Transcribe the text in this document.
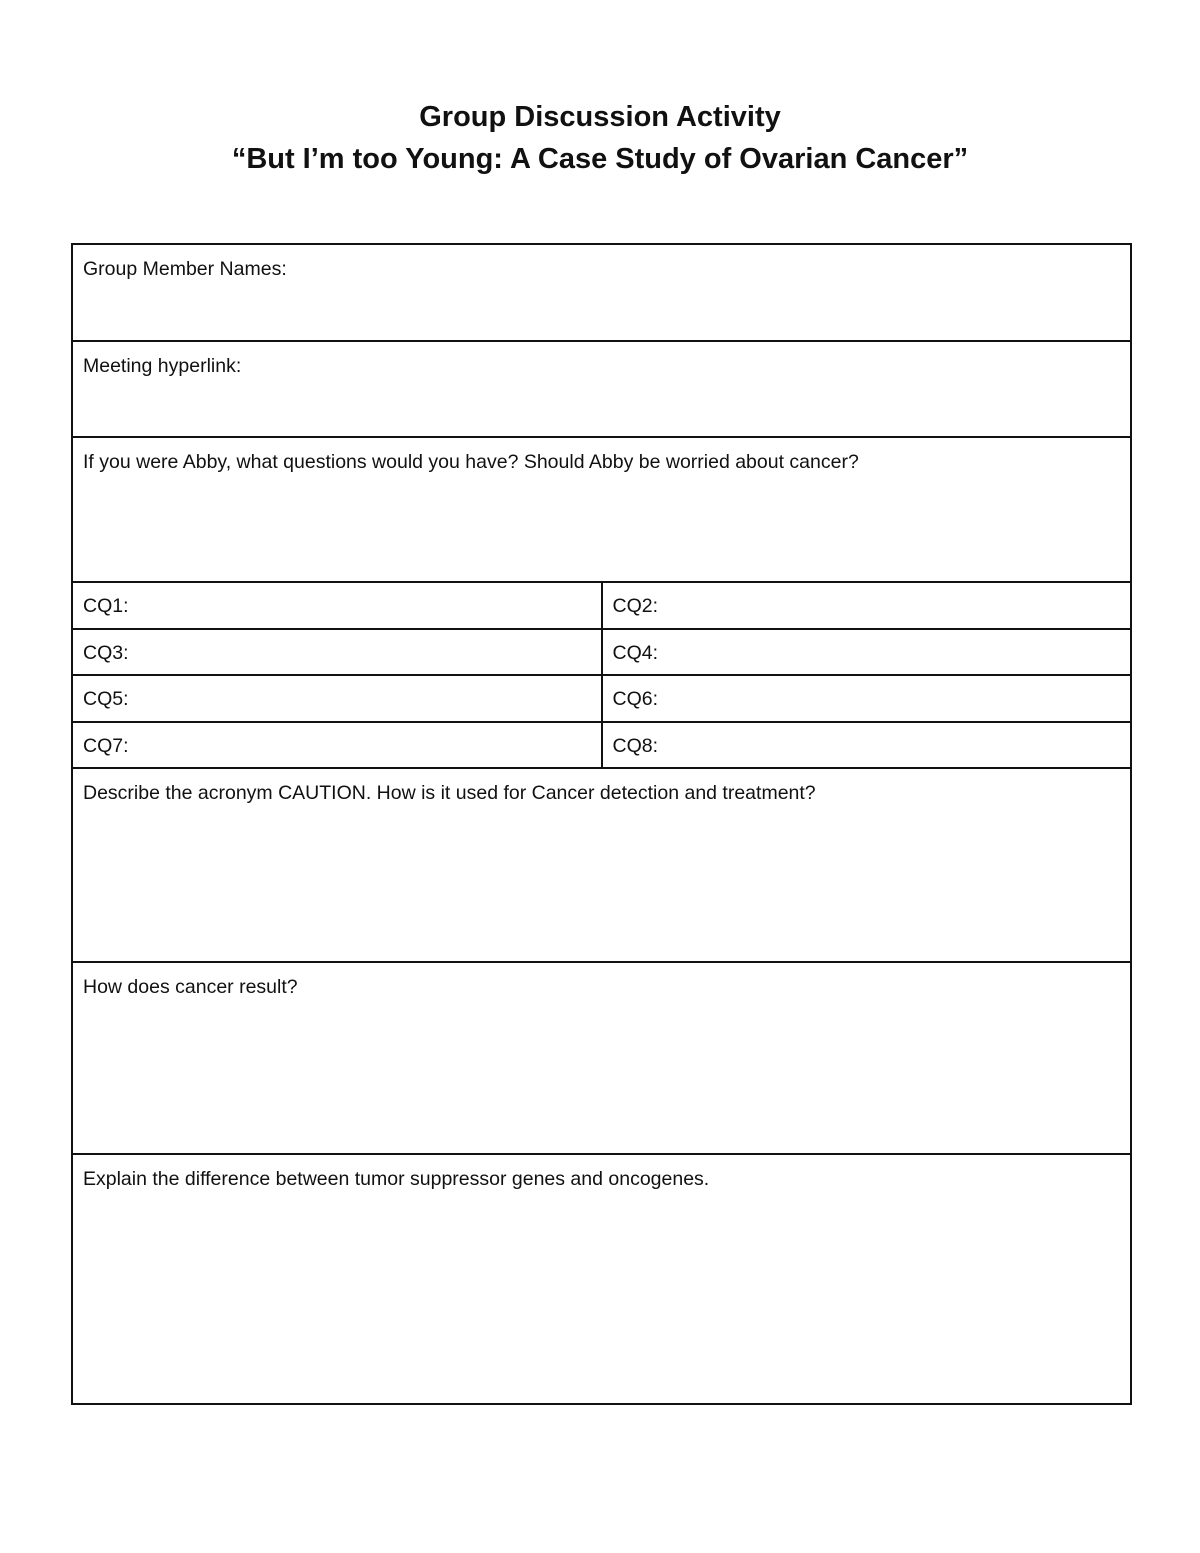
Group Discussion Activity

“But I’m too Young: A Case Study of Ovarian Cancer”

Group Member Names:	
Meeting hyperlink:	
If you were Abby, what questions would you have? Should Abby be worried about cancer?	
CQ1:	CQ2:
CQ3:	CQ4:
CQ5:	CQ6:
CQ7:	CQ8:
Describe the acronym CAUTION. How is it used for Cancer detection and treatment?	
How does cancer result?	
Explain the difference between tumor suppressor genes and oncogenes.	
